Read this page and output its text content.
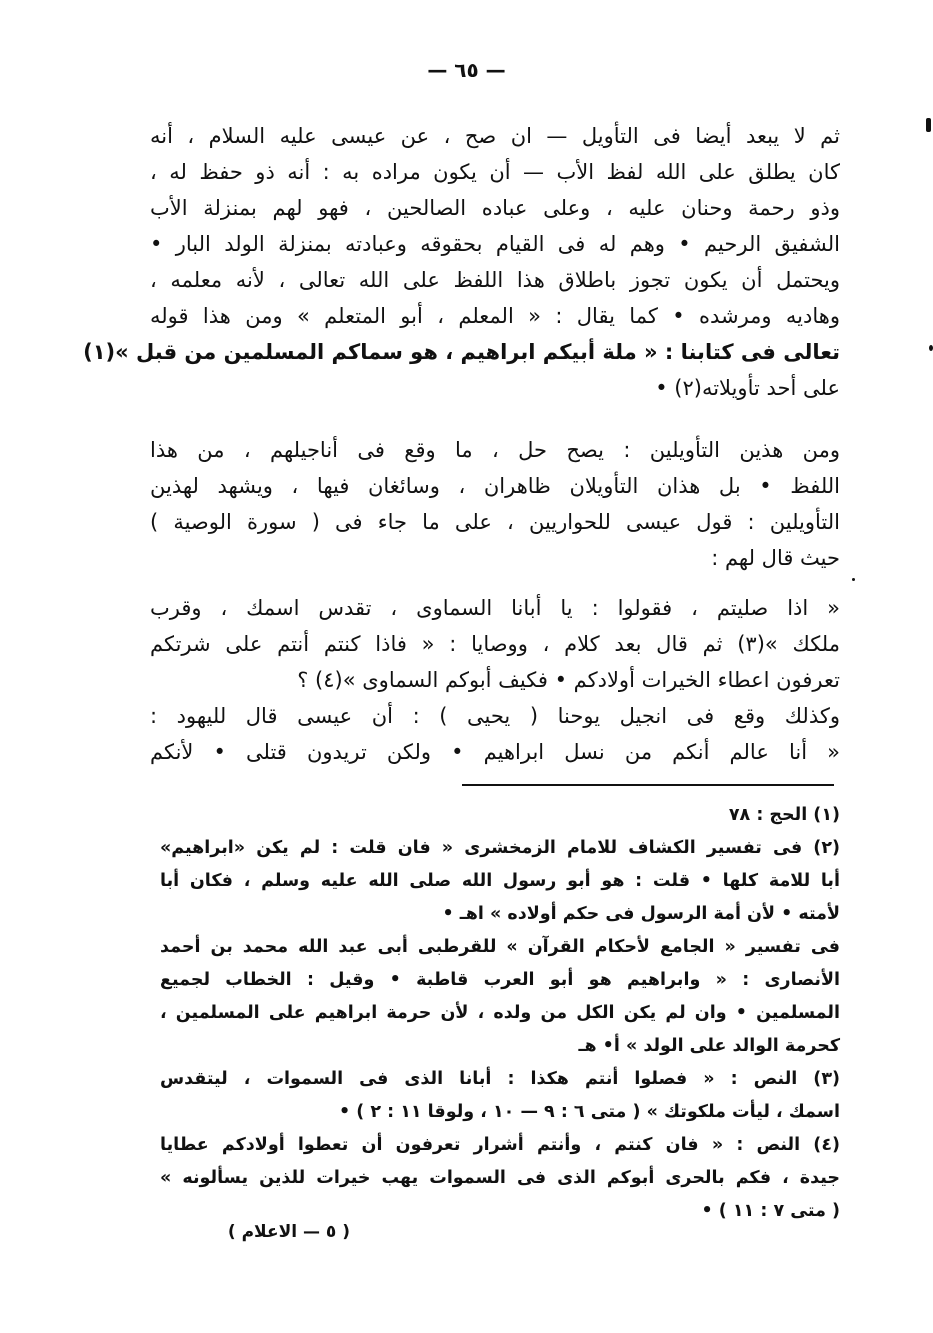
— ٦٥ —
ثم لا يبعد أيضا فى التأويل — ان صح ، عن عيسى عليه السلام ، أنه
كان يطلق على الله لفظ الأب — أن يكون مراده به : أنه ذو حفظ له ،
وذو رحمة وحنان عليه ، وعلى عباده الصالحين ، فهو لهم بمنزلة الأب
الشفيق الرحيم • وهم له فى القيام بحقوقه وعبادته بمنزلة الولد البار •
ويحتمل أن يكون تجوز باطلاق هذا اللفظ على الله تعالى ، لأنه معلمه ،
وهاديه ومرشده • كما يقال : « المعلم ، أبو المتعلم » ومن هذا قوله
تعالى فى كتابنا : « ملة أبيكم ابراهيم ، هو سماكم المسلمين من قبل »(١)
على أحد تأويلاته(٢) •
ومن هذين التأويلين : يصح حل ، ما وقع فى أناجيلهم ، من هذا
اللفظ • بل هذان التأويلان ظاهران ، وسائغان فيها ، ويشهد لهذين
التأويلين : قول عيسى للحواريين ، على ما جاء فى ( سورة الوصية )
حيث قال لهم :
« اذا صليتم ، فقولوا : يا أبانا السماوى ، تقدس اسمك ، وقرب
ملكك »(٣) ثم قال بعد كلام ، ووصايا : « فاذا كنتم أنتم على شرتكم
تعرفون اعطاء الخيرات أولادكم • فكيف أبوكم السماوى »(٤) ؟
وكذلك وقع فى انجيل يوحنا ( يحيى ) : أن عيسى قال لليهود :
« أنا عالم أنكم من نسل ابراهيم • ولكن تريدون قتلى • لأنكم
(١) الحج : ٧٨
(٢) فى تفسير الكشاف للامام الزمخشرى « فان قلت : لم يكن «ابراهيم»
أبا للامة كلها • قلت : هو أبو رسول الله صلى الله عليه وسلم ، فكان أبا
لأمته • لأن أمة الرسول فى حكم أولاده » اهـ •
فى تفسير « الجامع لأحكام القرآن » للقرطبى أبى عبد الله محمد بن أحمد
الأنصارى : « وابراهيم هو أبو العرب قاطبة • وقيل : الخطاب لجميع
المسلمين • وان لم يكن الكل من ولده ، لأن حرمة ابراهيم على المسلمين ،
كحرمة الوالد على الولد » أ• هـ
(٣) النص : « فصلوا أنتم هكذا : أبانا الذى فى السموات ، ليتقدس
اسمك ، ليأت ملكوتك » ( متى ٦ : ٩ — ١٠ ، ولوقا ١١ : ٢ ) •
(٤) النص : « فان كنتم ، وأنتم أشرار تعرفون أن تعطوا أولادكم عطايا
جيدة ، فكم بالحرى أبوكم الذى فى السموات يهب خيرات للذين يسألونه »
( متى ٧ : ١١ ) •
( ٥ — الاعلام )
